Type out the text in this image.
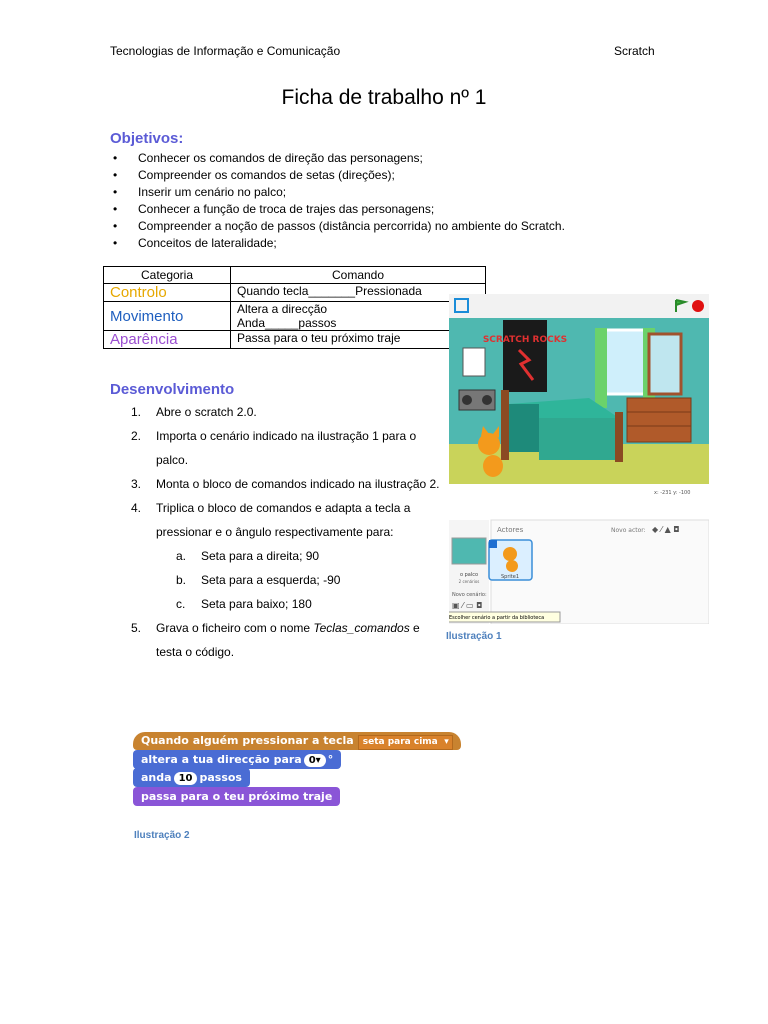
Tecnologias de Informação e Comunicação	Scratch
Ficha de trabalho nº 1
Objetivos:
• Conhecer os comandos de direção das personagens;
• Compreender os comandos de setas (direções);
• Inserir um cenário no palco;
• Conhecer a função de troca de trajes das personagens;
• Compreender a noção de passos (distância percorrida) no ambiente do Scratch.
• Conceitos de lateralidade;
Categoria	Comando
Controlo	Quando tecla_______Pressionada
Movimento	Altera a direcção
Anda_____passos

Aparência	Passa para o teu próximo traje
Desenvolvimento
1. Abre o scratch 2.0.
2. Importa o cenário indicado na ilustração 1 para o palco.
3. Monta o bloco de comandos indicado na ilustração 2.
4. Triplica o bloco de comandos e adapta a tecla a pressionar e o ângulo respectivamente para:
a. Seta para a direita; 90
b. Seta para a esquerda; -90
c. Seta para baixo; 180
5. Grava o ficheiro com o nome Teclas_comandos e testa o código.
SCRATCH ROCKS
x: -231 y: -100
o palco
2 cenários
Novo cenário:
▣ ⁄ ▭ ◘
Actores	Novo actor: ◆ ⁄ ▲ ◘
Sprite1
Escolher cenário a partir da biblioteca
Ilustração 1
Quando alguém pressionar a tecla seta para cima ▾
altera a tua direcção para 0▾ °
anda 10 passos
passa para o teu próximo traje
Ilustração 2
